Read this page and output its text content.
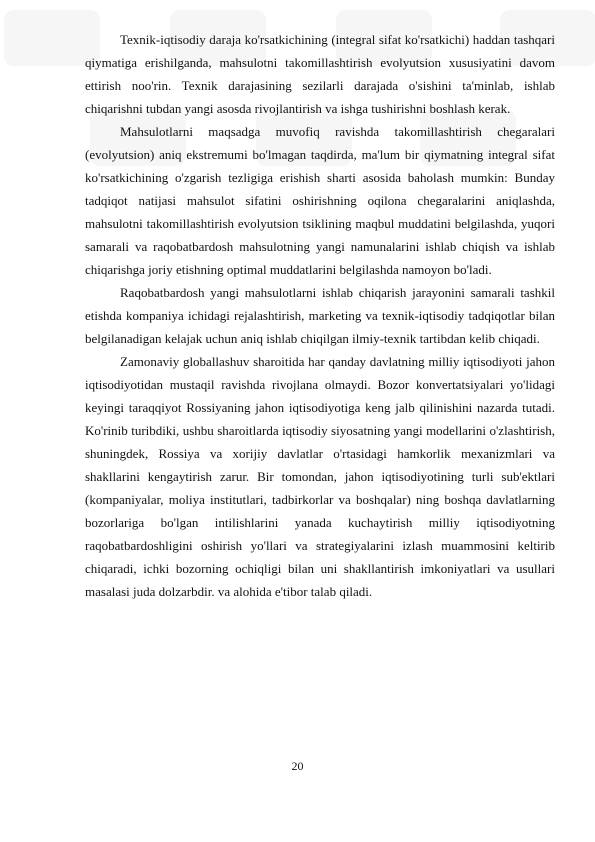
Texnik-iqtisodiy daraja ko'rsatkichining (integral sifat ko'rsatkichi) haddan tashqari qiymatiga erishilganda, mahsulotni takomillashtirish evolyutsion xususiyatini davom ettirish noo'rin. Texnik darajasining sezilarli darajada o'sishini ta'minlab, ishlab chiqarishni tubdan yangi asosda rivojlantirish va ishga tushirishni boshlash kerak.

Mahsulotlarni maqsadga muvofiq ravishda takomillashtirish chegaralari (evolyutsion) aniq ekstremumi bo'lmagan taqdirda, ma'lum bir qiymatning integral sifat ko'rsatkichining o'zgarish tezligiga erishish sharti asosida baholash mumkin: Bunday tadqiqot natijasi mahsulot sifatini oshirishning oqilona chegaralarini aniqlashda, mahsulotni takomillashtirish evolyutsion tsiklining maqbul muddatini belgilashda, yuqori samarali va raqobatbardosh mahsulotning yangi namunalarini ishlab chiqish va ishlab chiqarishga joriy etishning optimal muddatlarini belgilashda namoyon bo'ladi.

Raqobatbardosh yangi mahsulotlarni ishlab chiqarish jarayonini samarali tashkil etishda kompaniya ichidagi rejalashtirish, marketing va texnik-iqtisodiy tadqiqotlar bilan belgilanadigan kelajak uchun aniq ishlab chiqilgan ilmiy-texnik tartibdan kelib chiqadi.

Zamonaviy globallashuv sharoitida har qanday davlatning milliy iqtisodiyoti jahon iqtisodiyotidan mustaqil ravishda rivojlana olmaydi. Bozor konvertatsiyalari yo'lidagi keyingi taraqqiyot Rossiyaning jahon iqtisodiyotiga keng jalb qilinishini nazarda tutadi. Ko'rinib turibdiki, ushbu sharoitlarda iqtisodiy siyosatning yangi modellarini o'zlashtirish, shuningdek, Rossiya va xorijiy davlatlar o'rtasidagi hamkorlik mexanizmlari va shakllarini kengaytirish zarur. Bir tomondan, jahon iqtisodiyotining turli sub'ektlari (kompaniyalar, moliya institutlari, tadbirkorlar va boshqalar) ning boshqa davlatlarning bozorlariga bo'lgan intilishlarini yanada kuchaytirish milliy iqtisodiyotning raqobatbardoshligini oshirish yo'llari va strategiyalarini izlash muammosini keltirib chiqaradi, ichki bozorning ochiqligi bilan uni shakllantirish imkoniyatlari va usullari masalasi juda dolzarbdir. va alohida e'tibor talab qiladi.

20
